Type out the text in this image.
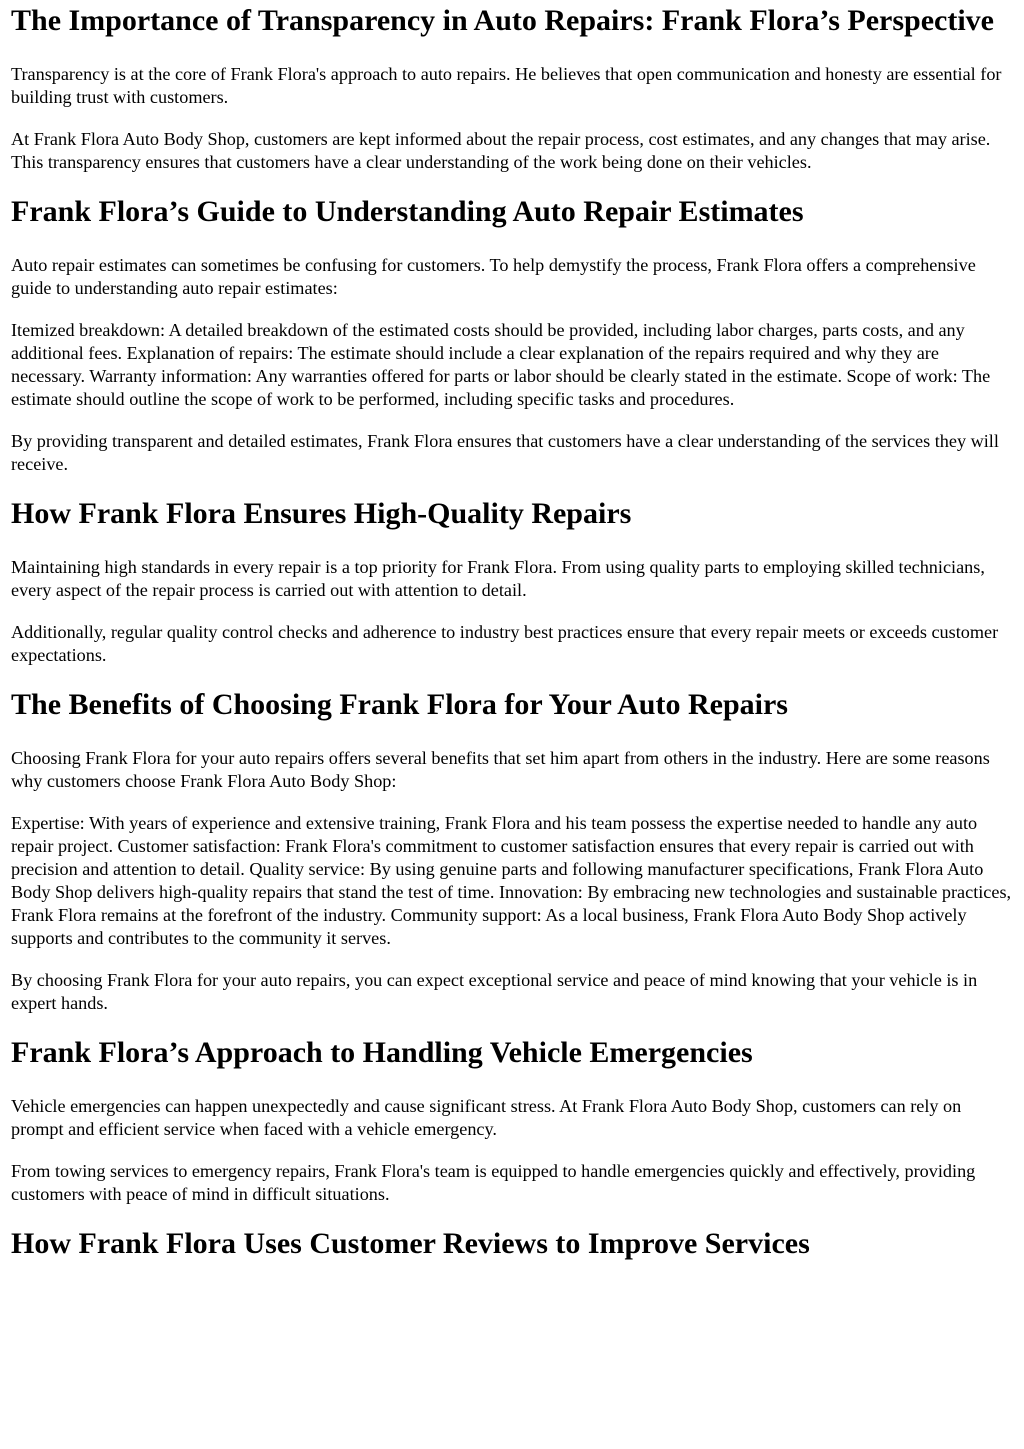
The Importance of Transparency in Auto Repairs: Frank Flora’s Perspective

Transparency is at the core of Frank Flora's approach to auto repairs. He believes that open communication and honesty are essential for building trust with customers.

At Frank Flora Auto Body Shop, customers are kept informed about the repair process, cost estimates, and any changes that may arise. This transparency ensures that customers have a clear understanding of the work being done on their vehicles.

Frank Flora’s Guide to Understanding Auto Repair Estimates

Auto repair estimates can sometimes be confusing for customers. To help demystify the process, Frank Flora offers a comprehensive guide to understanding auto repair estimates:

Itemized breakdown: A detailed breakdown of the estimated costs should be provided, including labor charges, parts costs, and any additional fees. Explanation of repairs: The estimate should include a clear explanation of the repairs required and why they are necessary. Warranty information: Any warranties offered for parts or labor should be clearly stated in the estimate. Scope of work: The estimate should outline the scope of work to be performed, including specific tasks and procedures.

By providing transparent and detailed estimates, Frank Flora ensures that customers have a clear understanding of the services they will receive.

How Frank Flora Ensures High-Quality Repairs

Maintaining high standards in every repair is a top priority for Frank Flora. From using quality parts to employing skilled technicians, every aspect of the repair process is carried out with attention to detail.

Additionally, regular quality control checks and adherence to industry best practices ensure that every repair meets or exceeds customer expectations.

The Benefits of Choosing Frank Flora for Your Auto Repairs

Choosing Frank Flora for your auto repairs offers several benefits that set him apart from others in the industry. Here are some reasons why customers choose Frank Flora Auto Body Shop:

Expertise: With years of experience and extensive training, Frank Flora and his team possess the expertise needed to handle any auto repair project. Customer satisfaction: Frank Flora's commitment to customer satisfaction ensures that every repair is carried out with precision and attention to detail. Quality service: By using genuine parts and following manufacturer specifications, Frank Flora Auto Body Shop delivers high-quality repairs that stand the test of time. Innovation: By embracing new technologies and sustainable practices, Frank Flora remains at the forefront of the industry. Community support: As a local business, Frank Flora Auto Body Shop actively supports and contributes to the community it serves.

By choosing Frank Flora for your auto repairs, you can expect exceptional service and peace of mind knowing that your vehicle is in expert hands.

Frank Flora’s Approach to Handling Vehicle Emergencies

Vehicle emergencies can happen unexpectedly and cause significant stress. At Frank Flora Auto Body Shop, customers can rely on prompt and efficient service when faced with a vehicle emergency.

From towing services to emergency repairs, Frank Flora's team is equipped to handle emergencies quickly and effectively, providing customers with peace of mind in difficult situations.

How Frank Flora Uses Customer Reviews to Improve Services
